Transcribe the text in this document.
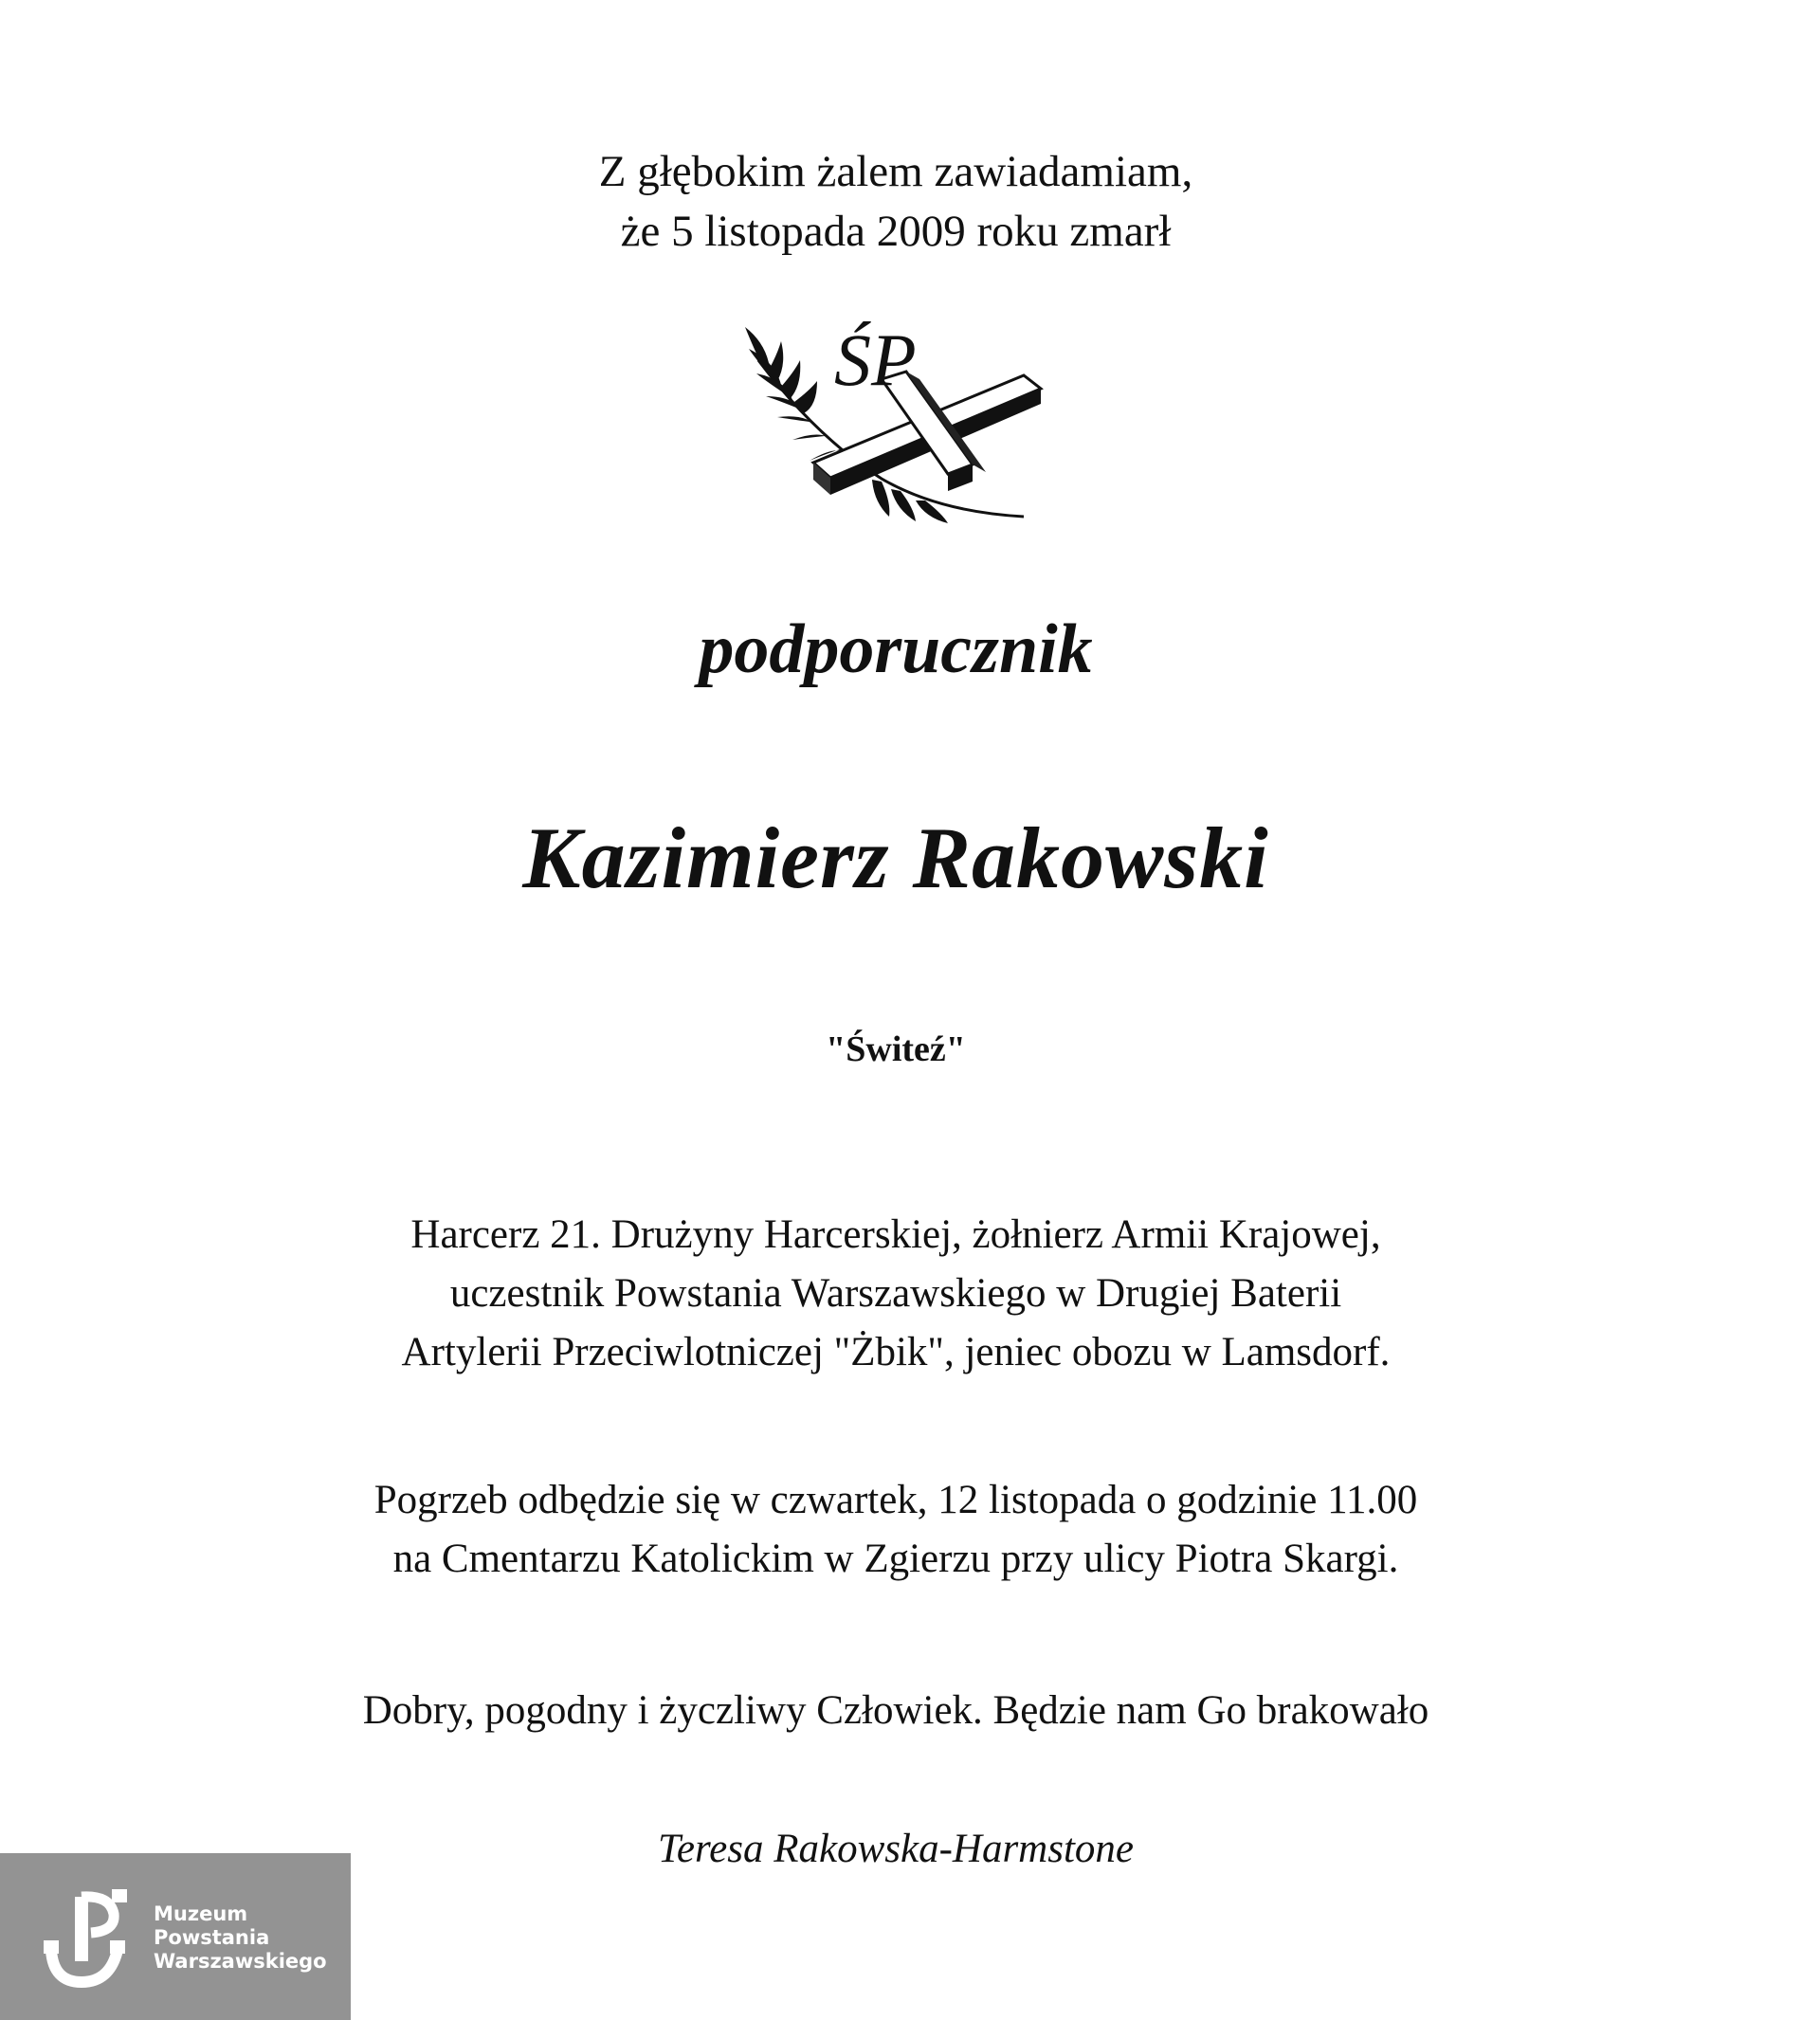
Z głębokim żalem zawiadamiam,
że 5 listopada 2009 roku zmarł
ŚP
podporucznik
Kazimierz Rakowski
"Świteź"
Harcerz 21. Drużyny Harcerskiej, żołnierz Armii Krajowej,
uczestnik Powstania Warszawskiego w Drugiej Baterii
Artylerii Przeciwlotniczej "Żbik", jeniec obozu w Lamsdorf.
Pogrzeb odbędzie się w czwartek, 12 listopada o godzinie 11.00
na Cmentarzu Katolickim w Zgierzu przy ulicy Piotra Skargi.
Dobry, pogodny i życzliwy Człowiek. Będzie nam Go brakowało
Teresa Rakowska-Harmstone
Muzeum
Powstania
Warszawskiego
